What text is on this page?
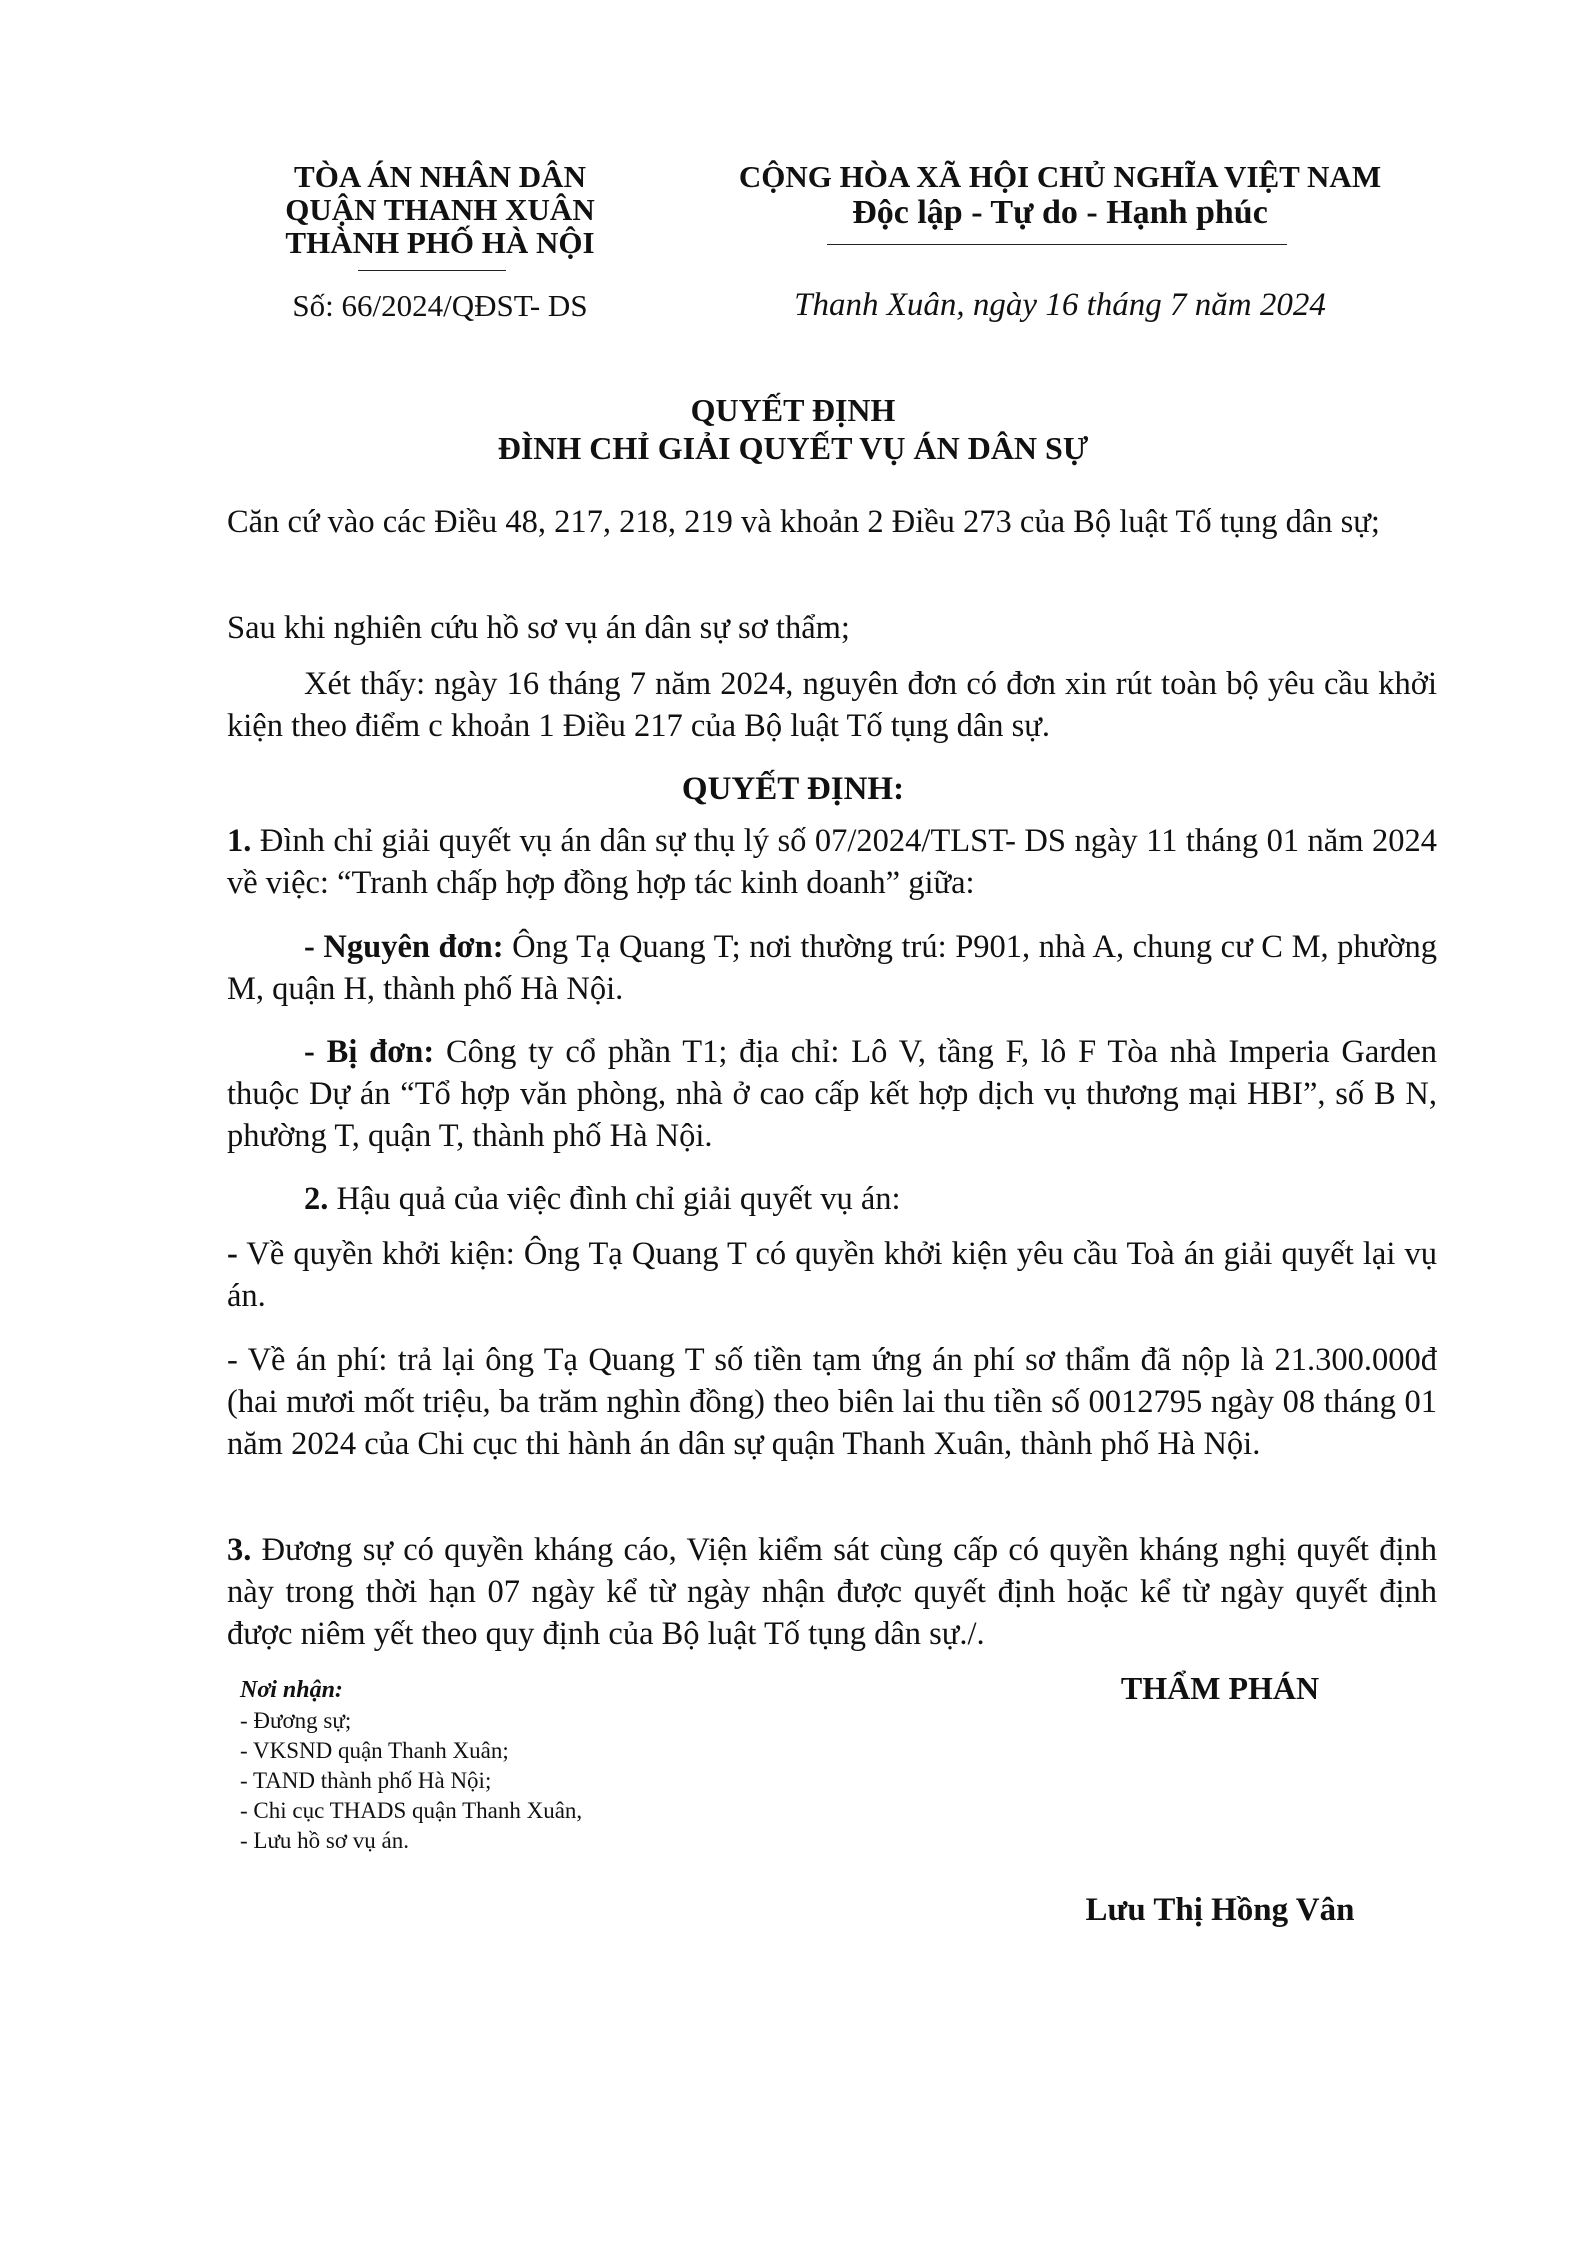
TÒA ÁN NHÂN DÂN
QUẬN THANH XUÂN
THÀNH PHỐ HÀ NỘI
Số: 66/2024/QĐST- DS
CỘNG HÒA XÃ HỘI CHỦ NGHĨA VIỆT NAM
Độc lập - Tự do - Hạnh phúc
Thanh Xuân, ngày 16 tháng 7 năm 2024
QUYẾT ĐỊNH
ĐÌNH CHỈ GIẢI QUYẾT VỤ ÁN DÂN SỰ

Căn cứ vào các Điều 48, 217, 218, 219 và khoản 2 Điều 273 của Bộ luật Tố tụng dân sự;

Sau khi nghiên cứu hồ sơ vụ án dân sự sơ thẩm;

Xét thấy: ngày 16 tháng 7 năm 2024, nguyên đơn có đơn xin rút toàn bộ yêu cầu khởi kiện theo điểm c khoản 1 Điều 217 của Bộ luật Tố tụng dân sự.

QUYẾT ĐỊNH:

1. Đình chỉ giải quyết vụ án dân sự thụ lý số 07/2024/TLST- DS ngày 11 tháng 01 năm 2024 về việc: “Tranh chấp hợp đồng hợp tác kinh doanh” giữa:

- Nguyên đơn: Ông Tạ Quang T; nơi thường trú: P901, nhà A, chung cư C M, phường M, quận H, thành phố Hà Nội.

- Bị đơn: Công ty cổ phần T1; địa chỉ: Lô V, tầng F, lô F Tòa nhà Imperia Garden thuộc Dự án “Tổ hợp văn phòng, nhà ở cao cấp kết hợp dịch vụ thương mại HBI”, số B N, phường T, quận T, thành phố Hà Nội.

2. Hậu quả của việc đình chỉ giải quyết vụ án:

- Về quyền khởi kiện: Ông Tạ Quang T có quyền khởi kiện yêu cầu Toà án giải quyết lại vụ án.

- Về án phí: trả lại ông Tạ Quang T số tiền tạm ứng án phí sơ thẩm đã nộp là 21.300.000đ (hai mươi mốt triệu, ba trăm nghìn đồng) theo biên lai thu tiền số 0012795 ngày 08 tháng 01 năm 2024 của Chi cục thi hành án dân sự quận Thanh Xuân, thành phố Hà Nội.

3. Đương sự có quyền kháng cáo, Viện kiểm sát cùng cấp có quyền kháng nghị quyết định này trong thời hạn 07 ngày kể từ ngày nhận được quyết định hoặc kể từ ngày quyết định được niêm yết theo quy định của Bộ luật Tố tụng dân sự./.

Nơi nhận:
- Đương sự;
- VKSND quận Thanh Xuân;
- TAND thành phố Hà Nội;
- Chi cục THADS quận Thanh Xuân,
- Lưu hồ sơ vụ án.
THẨM PHÁN
Lưu Thị Hồng Vân
